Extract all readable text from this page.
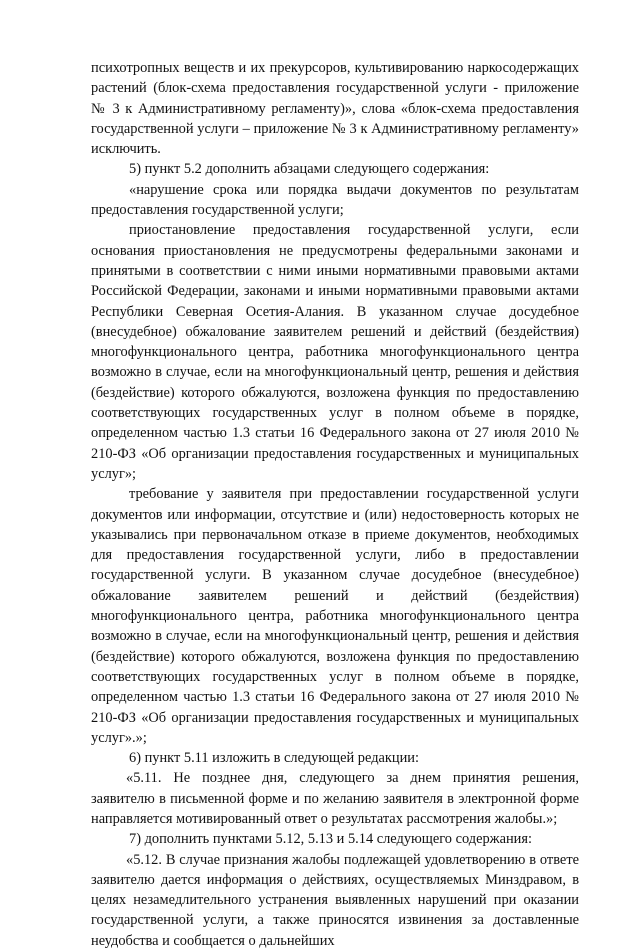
психотропных веществ и их прекурсоров, культивированию наркосодержащих растений (блок-схема предоставления государственной услуги - приложение № 3 к Административному регламенту)», слова «блок-схема предоставления государственной услуги – приложение № 3 к Административному регламенту» исключить.

5) пункт 5.2 дополнить абзацами следующего содержания:

«нарушение срока или порядка выдачи документов по результатам предоставления государственной услуги;

приостановление предоставления государственной услуги, если основания приостановления не предусмотрены федеральными законами и принятыми в соответствии с ними иными нормативными правовыми актами Российской Федерации, законами и иными нормативными правовыми актами Республики Северная Осетия-Алания. В указанном случае досудебное (внесудебное) обжалование заявителем решений и действий (бездействия) многофункционального центра, работника многофункционального центра возможно в случае, если на многофункциональный центр, решения и действия (бездействие) которого обжалуются, возложена функция по предоставлению соответствующих государственных услуг в полном объеме в порядке, определенном частью 1.3 статьи 16 Федерального закона от 27 июля 2010 № 210-ФЗ «Об организации предоставления государственных и муниципальных услуг»;

требование у заявителя при предоставлении государственной услуги документов или информации, отсутствие и (или) недостоверность которых не указывались при первоначальном отказе в приеме документов, необходимых для предоставления государственной услуги, либо в предоставлении государственной услуги. В указанном случае досудебное (внесудебное) обжалование заявителем решений и действий (бездействия) многофункционального центра, работника многофункционального центра возможно в случае, если на многофункциональный центр, решения и действия (бездействие) которого обжалуются, возложена функция по предоставлению соответствующих государственных услуг в полном объеме в порядке, определенном частью 1.3 статьи 16 Федерального закона от 27 июля 2010 № 210-ФЗ «Об организации предоставления государственных и муниципальных услуг».»;

6) пункт 5.11 изложить в следующей редакции:

«5.11. Не позднее дня, следующего за днем принятия решения, заявителю в письменной форме и по желанию заявителя в электронной форме направляется мотивированный ответ о результатах рассмотрения жалобы.»;

7) дополнить пунктами 5.12, 5.13 и 5.14 следующего содержания:

«5.12. В случае признания жалобы подлежащей удовлетворению в ответе заявителю дается информация о действиях, осуществляемых Минздравом, в целях незамедлительного устранения выявленных нарушений при оказании государственной услуги, а также приносятся извинения за доставленные неудобства и сообщается о дальнейших
